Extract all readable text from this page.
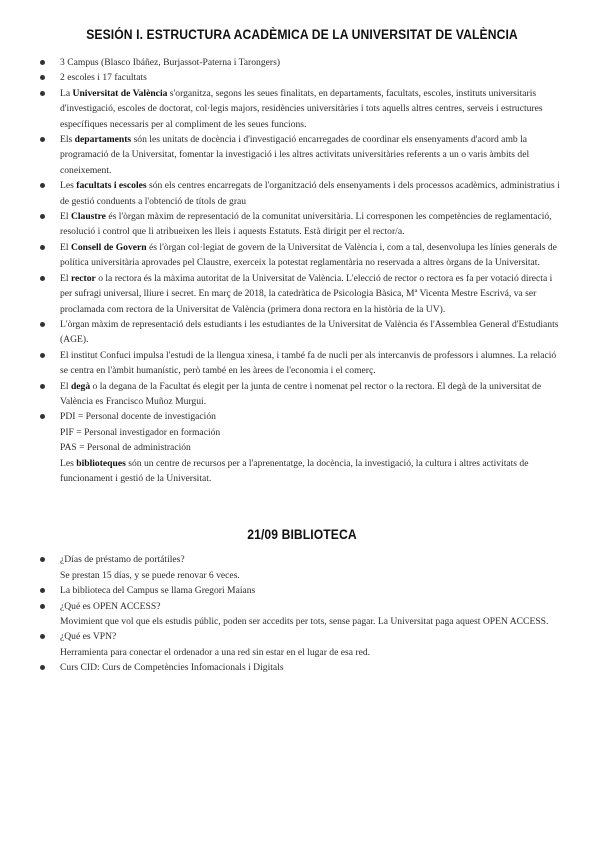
SESIÓN I. ESTRUCTURA ACADÈMICA DE LA UNIVERSITAT DE VALÈNCIA
3 Campus (Blasco Ibáñez, Burjassot-Paterna i Tarongers)
2 escoles i 17 facultats
La Universitat de València s'organitza, segons les seues finalitats, en departaments, facultats, escoles, instituts universitaris d'investigació, escoles de doctorat, col·legis majors, residències universitàries i tots aquells altres centres, serveis i estructures específiques necessaris per al compliment de les seues funcions.
Els departaments són les unitats de docència i d'investigació encarregades de coordinar els ensenyaments d'acord amb la programació de la Universitat, fomentar la investigació i les altres activitats universitàries referents a un o varis àmbits del coneixement.
Les facultats i escoles són els centres encarregats de l'organització dels ensenyaments i dels processos acadèmics, administratius i de gestió conduents a l'obtenció de títols de grau
El Claustre és l'òrgan màxim de representació de la comunitat universitària. Li corresponen les competències de reglamentació, resolució i control que li atribueixen les lleis i aquests Estatuts. Està dirigit per el rector/a.
El Consell de Govern és l'òrgan col·legiat de govern de la Universitat de València i, com a tal, desenvolupa les línies generals de política universitària aprovades pel Claustre, exerceix la potestat reglamentària no reservada a altres òrgans de la Universitat.
El rector o la rectora és la màxima autoritat de la Universitat de València. L'elecció de rector o rectora es fa per votació directa i per sufragi universal, lliure i secret. En març de 2018, la catedràtica de Psicologia Bàsica, Mª Vicenta Mestre Escrivá, va ser proclamada com rectora de la Universitat de València (primera dona rectora en la història de la UV).
L'òrgan màxim de representació dels estudiants i les estudiantes de la Universitat de València és l'Assemblea General d'Estudiants (AGE).
El institut Confuci impulsa l'estudi de la llengua xinesa, i també fa de nucli per als intercanvis de professors i alumnes. La relació se centra en l'àmbit humanístic, però també en les àrees de l'economia i el comerç.
El degà o la degana de la Facultat és elegit per la junta de centre i nomenat pel rector o la rectora. El degà de la universitat de València es Francisco Muñoz Murgui.
PDI = Personal docente de investigación
PIF = Personal investigador en formación
PAS = Personal de administración
Les biblioteques són un centre de recursos per a l'aprenentatge, la docència, la investigació, la cultura i altres activitats de funcionament i gestió de la Universitat.
21/09 BIBLIOTECA
¿Días de préstamo de portátiles?
Se prestan 15 días, y se puede renovar 6 veces.
La biblioteca del Campus se llama Gregori Maians
¿Qué es OPEN ACCESS?
Movimient que vol que els estudis públic, poden ser accedits per tots, sense pagar. La Universitat paga aquest OPEN ACCESS.
¿Qué es VPN?
Herramienta para conectar el ordenador a una red sin estar en el lugar de esa red.
Curs CID: Curs de Competències Infomacionals i Digitals
